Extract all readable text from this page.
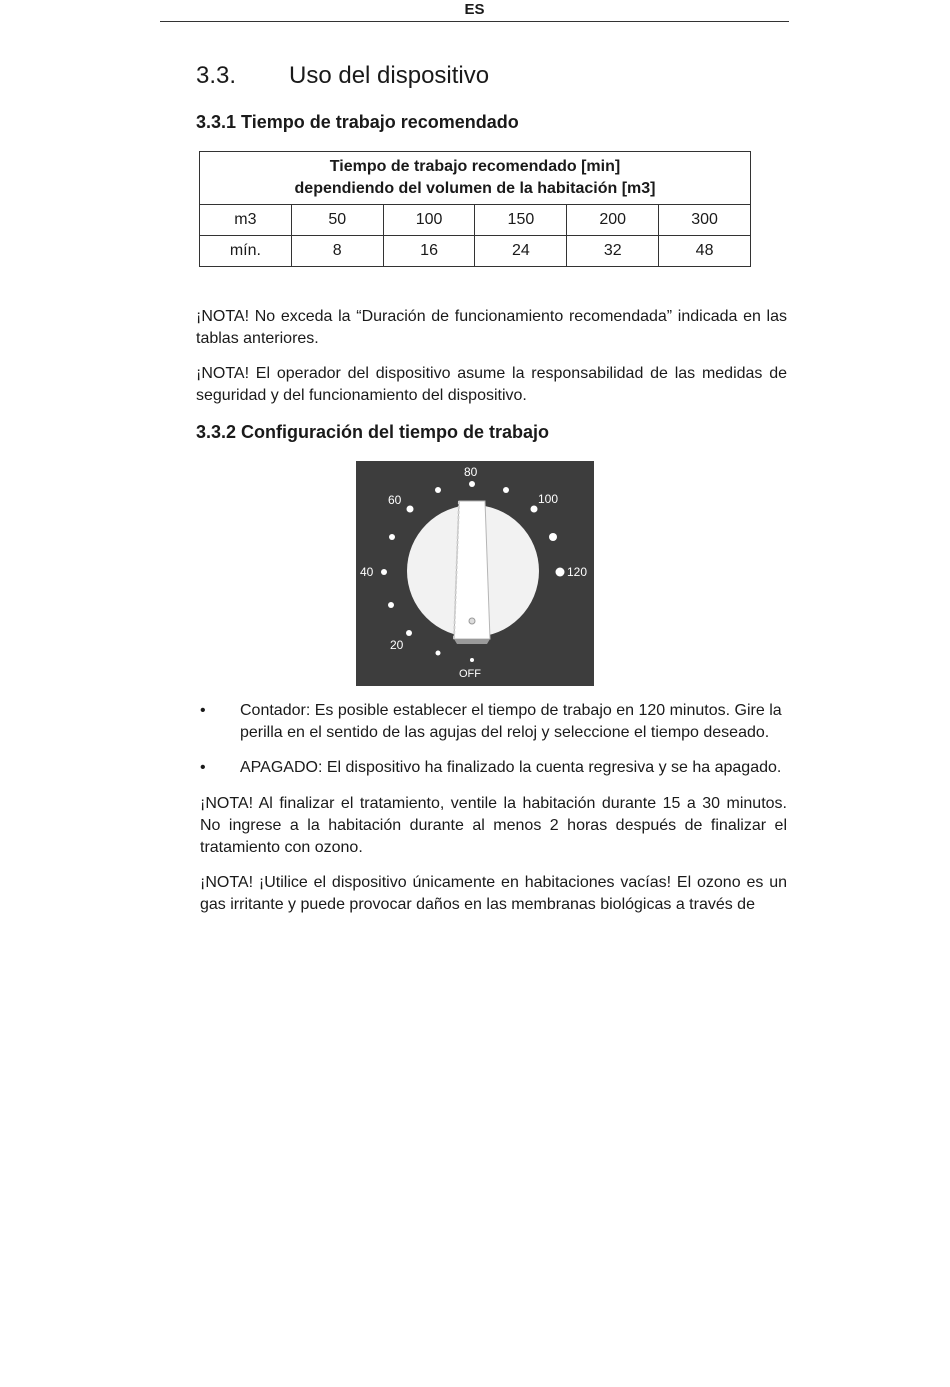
ES
3.3. Uso del dispositivo
3.3.1 Tiempo de trabajo recomendado
Tiempo de trabajo recomendado [min]
dependiendo del volumen de la habitación [m3]					

m3	50	100	150	200	300
mín.	8	16	24	32	48

¡NOTA! No exceda la “Duración de funcionamiento recomendada” indicada en las tablas anteriores.

¡NOTA! El operador del dispositivo asume la responsabilidad de las medidas de seguridad y del funcionamiento del dispositivo.

3.3.2 Configuración del tiempo de trabajo
80
60	100
40	120
20
OFF
•	Contador: Es posible establecer el tiempo de trabajo en 120 minutos. Gire la perilla en el sentido de las agujas del reloj y seleccione el tiempo deseado.
•	APAGADO: El dispositivo ha finalizado la cuenta regresiva y se ha apagado.

¡NOTA! Al finalizar el tratamiento, ventile la habitación durante 15 a 30 minutos. No ingrese a la habitación durante al menos 2 horas después de finalizar el tratamiento con ozono.

¡NOTA! ¡Utilice el dispositivo únicamente en habitaciones vacías! El ozono es un gas irritante y puede provocar daños en las membranas biológicas a través de
